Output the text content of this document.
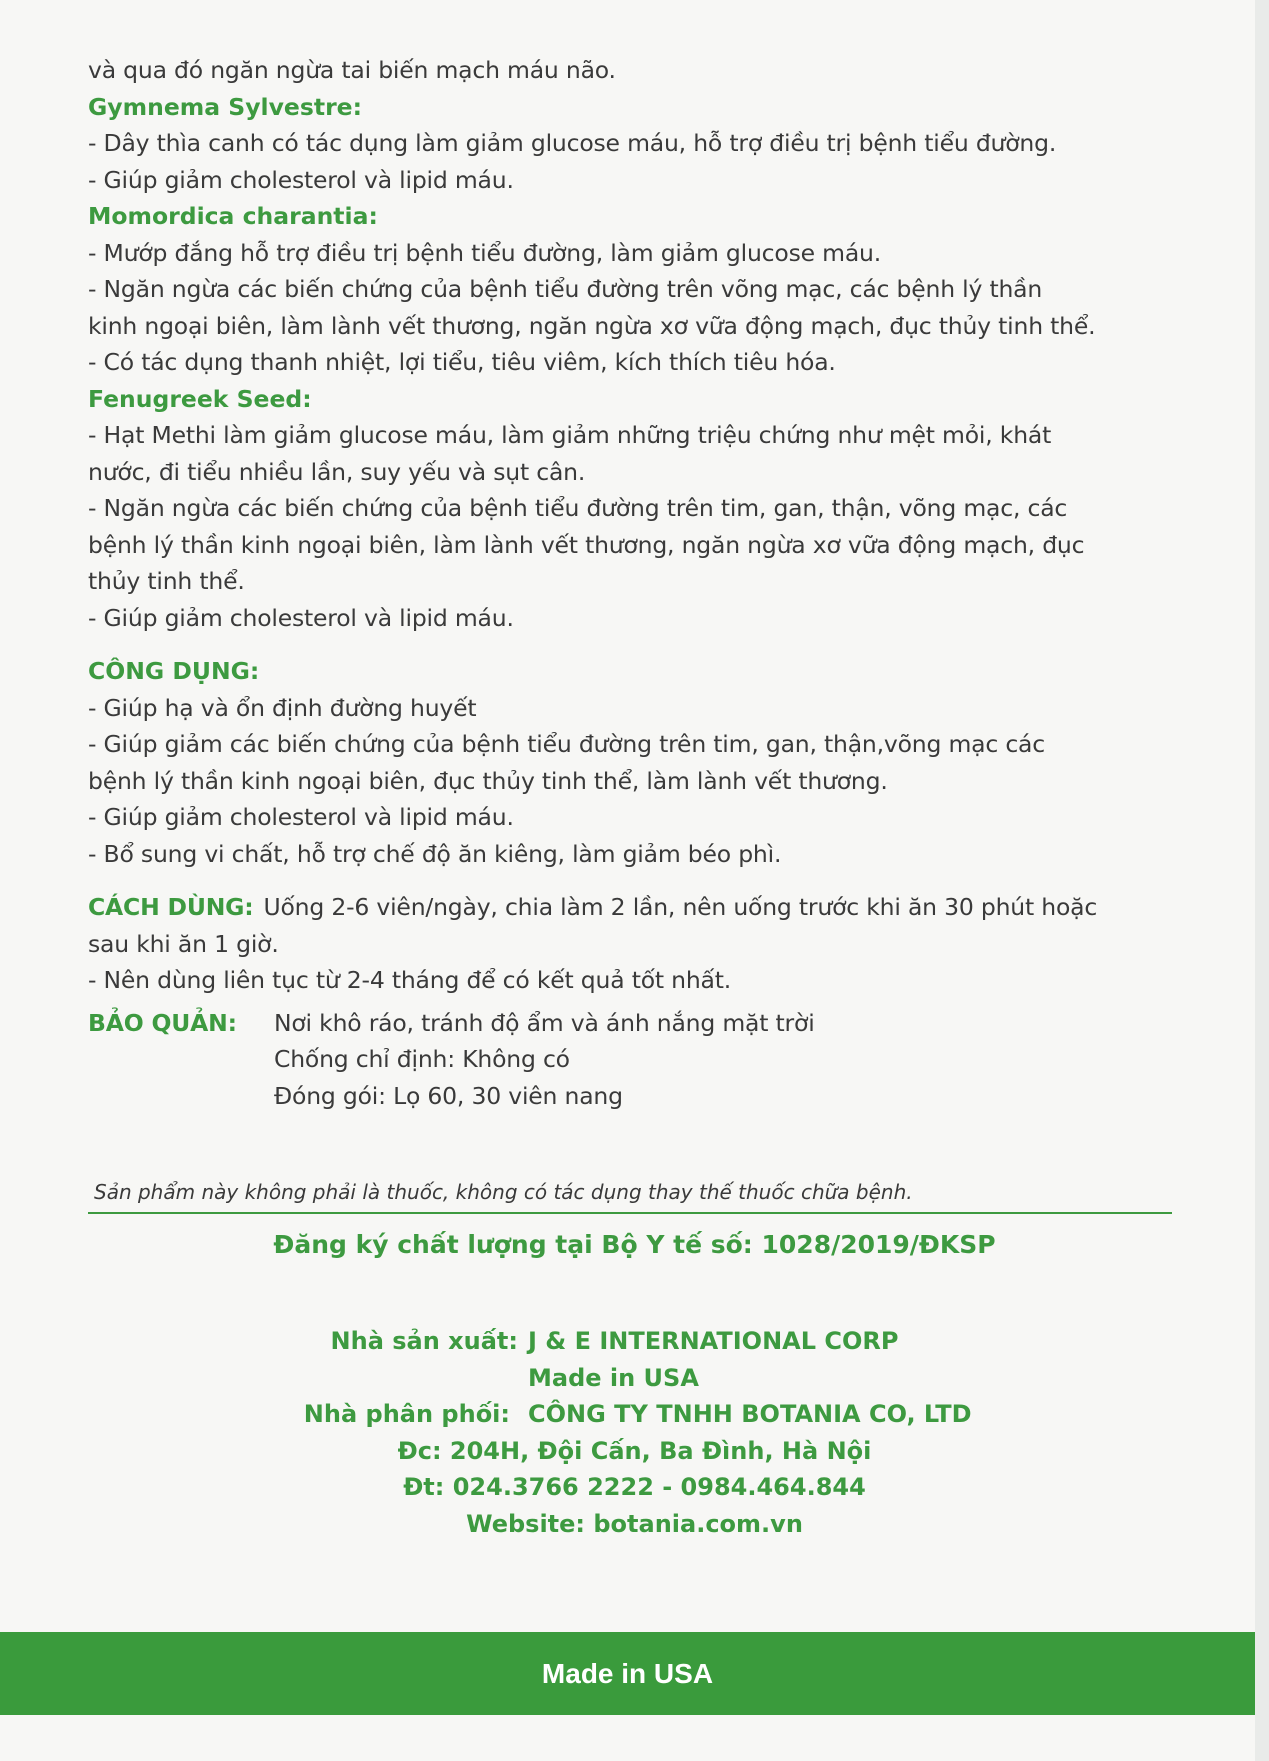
và qua đó ngăn ngừa tai biến mạch máu não.
Gymnema Sylvestre:
- Dây thìa canh có tác dụng làm giảm glucose máu, hỗ trợ điều trị bệnh tiểu đường.
- Giúp giảm cholesterol và lipid máu.
Momordica charantia:
- Mướp đắng hỗ trợ điều trị bệnh tiểu đường, làm giảm glucose máu.
- Ngăn ngừa các biến chứng của bệnh tiểu đường trên võng mạc, các bệnh lý thần
kinh ngoại biên, làm lành vết thương, ngăn ngừa xơ vữa động mạch, đục thủy tinh thể.
- Có tác dụng thanh nhiệt, lợi tiểu, tiêu viêm, kích thích tiêu hóa.
Fenugreek Seed:
- Hạt Methi làm giảm glucose máu, làm giảm những triệu chứng như mệt mỏi, khát
nước, đi tiểu nhiều lần, suy yếu và sụt cân.
- Ngăn ngừa các biến chứng của bệnh tiểu đường trên tim, gan, thận, võng mạc, các
bệnh lý thần kinh ngoại biên, làm lành vết thương, ngăn ngừa xơ vữa động mạch, đục
thủy tinh thể.
- Giúp giảm cholesterol và lipid máu.
CÔNG DỤNG:
- Giúp hạ và ổn định đường huyết
- Giúp giảm các biến chứng của bệnh tiểu đường trên tim, gan, thận,võng mạc các
bệnh lý thần kinh ngoại biên, đục thủy tinh thể, làm lành vết thương.
- Giúp giảm cholesterol và lipid máu.
- Bổ sung vi chất, hỗ trợ chế độ ăn kiêng, làm giảm béo phì.
CÁCH DÙNG: Uống 2-6 viên/ngày, chia làm 2 lần, nên uống trước khi ăn 30 phút hoặc
sau khi ăn 1 giờ.
- Nên dùng liên tục từ 2-4 tháng để có kết quả tốt nhất.
BẢO QUẢN:	Nơi khô ráo, tránh độ ẩm và ánh nắng mặt trời
Chống chỉ định: Không có
Đóng gói: Lọ 60, 30 viên nang
Sản phẩm này không phải là thuốc, không có tác dụng thay thế thuốc chữa bệnh.
Đăng ký chất lượng tại Bộ Y tế số: 1028/2019/ĐKSP
Nhà sản xuất: J & E INTERNATIONAL CORP
Made in USA
Nhà phân phối: CÔNG TY TNHH BOTANIA CO, LTD
Đc: 204H, Đội Cấn, Ba Đình, Hà Nội
Đt: 024.3766 2222 - 0984.464.844
Website: botania.com.vn
Made in USA
